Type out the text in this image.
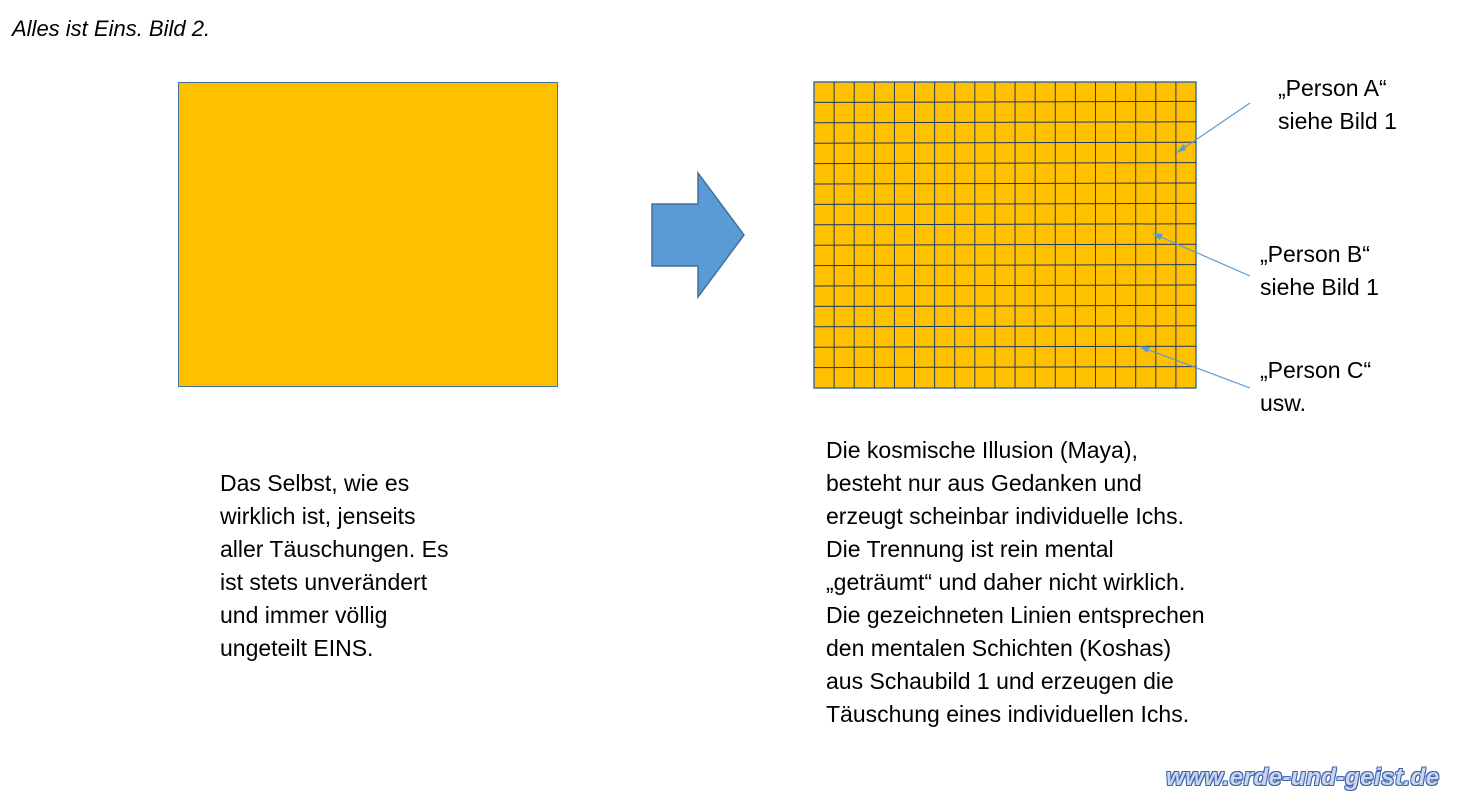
Alles ist Eins. Bild 2.
„Person A“
siehe Bild 1
„Person B“
siehe Bild 1
„Person C“
usw.
Das Selbst, wie es
wirklich ist, jenseits
aller Täuschungen. Es
ist stets unverändert
und immer völlig
ungeteilt EINS.
Die kosmische Illusion (Maya),
besteht nur aus Gedanken und
erzeugt scheinbar individuelle Ichs.
Die Trennung ist rein mental
„geträumt“ und daher nicht wirklich.
Die gezeichneten Linien entsprechen
den mentalen Schichten (Koshas)
aus Schaubild 1 und erzeugen die
Täuschung eines individuellen Ichs.
www.erde-und-geist.de
